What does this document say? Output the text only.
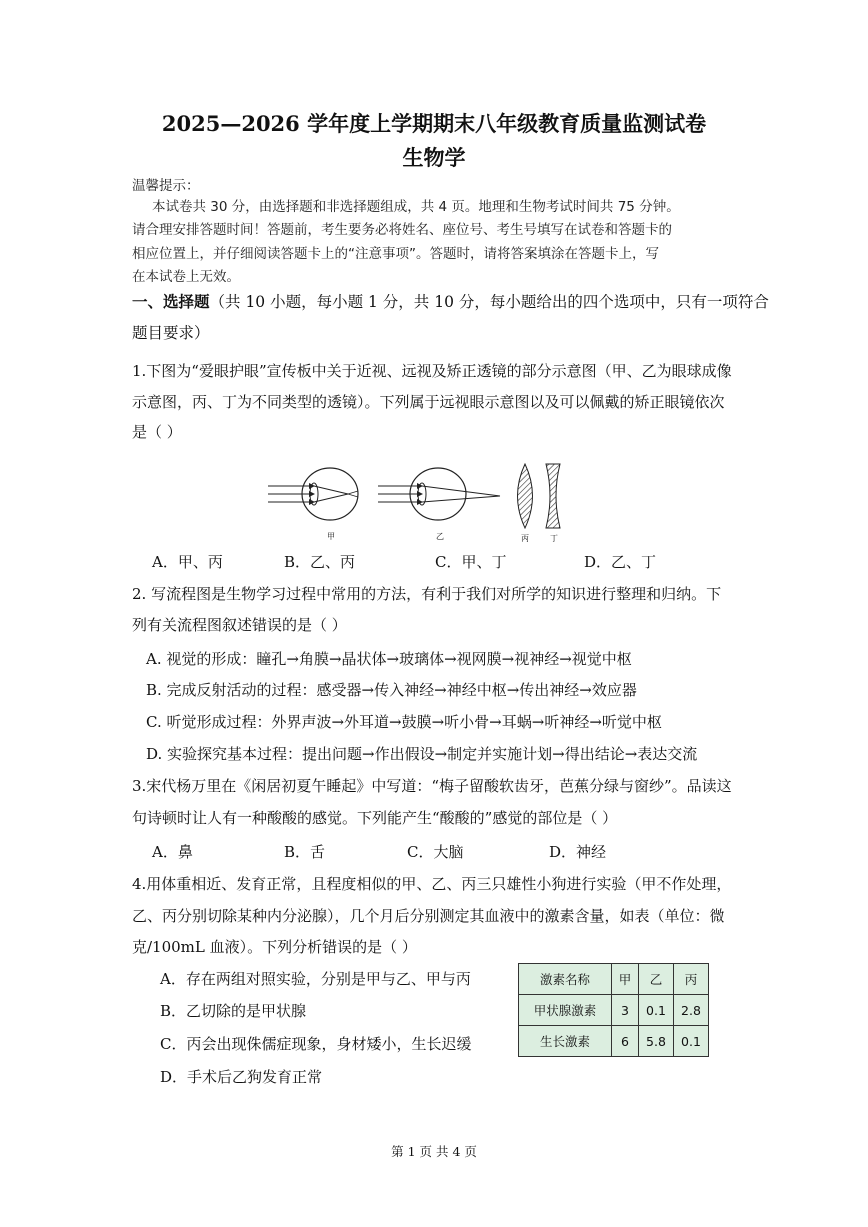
2025—2026 学年度上学期期末八年级教育质量监测试卷
生物学
温馨提示：
本试卷共 30 分，由选择题和非选择题组成，共 4 页。地理和生物考试时间共 75 分钟。
请合理安排答题时间！答题前，考生要务必将姓名、座位号、考生号填写在试卷和答题卡的
相应位置上，并仔细阅读答题卡上的“注意事项”。答题时，请将答案填涂在答题卡上，写
在本试卷上无效。
一、选择题（共 10 小题，每小题 1 分，共 10 分，每小题给出的四个选项中，只有一项符合
题目要求）
1.下图为“爱眼护眼”宣传板中关于近视、远视及矫正透镜的部分示意图（甲、乙为眼球成像
示意图，丙、丁为不同类型的透镜）。下列属于远视眼示意图以及可以佩戴的矫正眼镜依次
是（ ）
甲	乙	丙	丁
A．甲、丙	B．乙、丙	C．甲、丁	D．乙、丁
2. 写流程图是生物学习过程中常用的方法，有利于我们对所学的知识进行整理和归纳。下
列有关流程图叙述错误的是（ ）
A. 视觉的形成：瞳孔→角膜→晶状体→玻璃体→视网膜→视神经→视觉中枢
B. 完成反射活动的过程：感受器→传入神经→神经中枢→传出神经→效应器
C. 听觉形成过程：外界声波→外耳道→鼓膜→听小骨→耳蜗→听神经→听觉中枢
D. 实验探究基本过程：提出问题→作出假设→制定并实施计划→得出结论→表达交流
3.宋代杨万里在《闲居初夏午睡起》中写道：“梅子留酸软齿牙，芭蕉分绿与窗纱”。品读这
句诗顿时让人有一种酸酸的感觉。下列能产生“酸酸的”感觉的部位是（ ）
A．鼻	B．舌	C．大脑	D．神经
4.用体重相近、发育正常，且程度相似的甲、乙、丙三只雄性小狗进行实验（甲不作处理，
乙、丙分别切除某种内分泌腺），几个月后分别测定其血液中的激素含量，如表（单位：微
克/100mL 血液）。下列分析错误的是（ ）
A．存在两组对照实验，分别是甲与乙、甲与丙
B．乙切除的是甲状腺
C．丙会出现侏儒症现象，身材矮小，生长迟缓
D．手术后乙狗发育正常
激素名称	甲	乙	丙
甲状腺激素	3	0.1	2.8
生长激素	6	5.8	0.1
第 1 页 共 4 页
